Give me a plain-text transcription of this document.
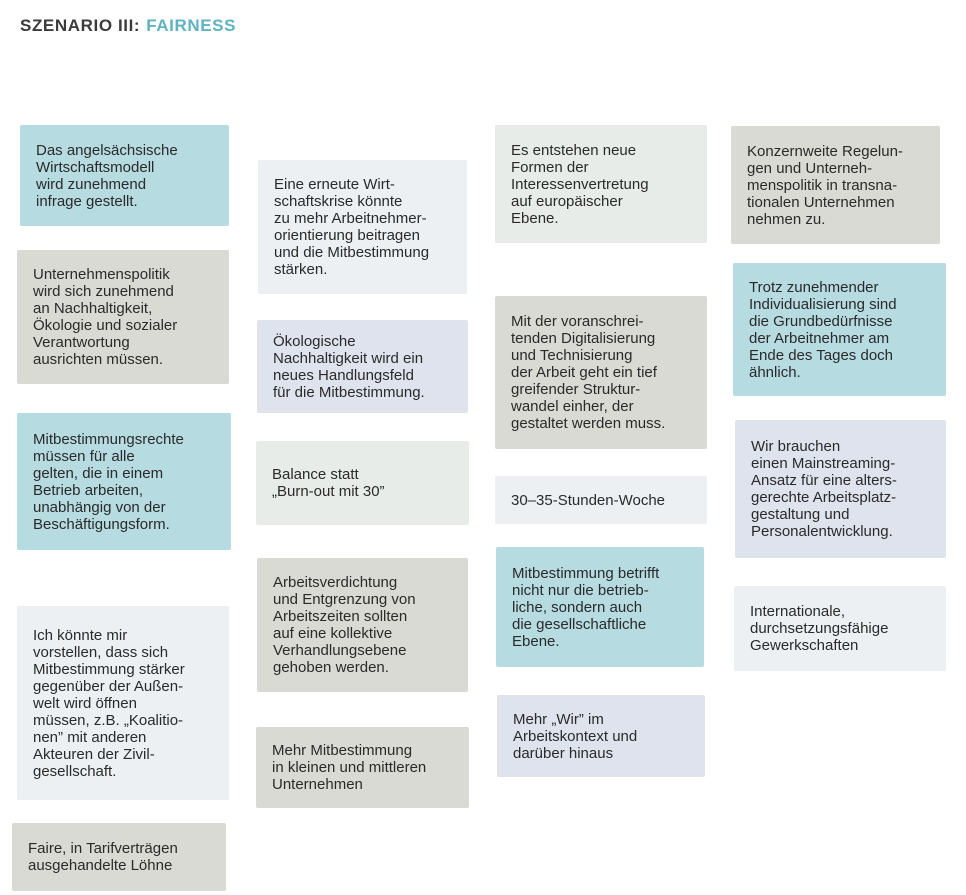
SZENARIO III: FAIRNESS
Das angelsächsische
Wirtschaftsmodell
wird zunehmend
infrage gestellt.
Unternehmenspolitik
wird sich zunehmend
an Nachhaltigkeit,
Ökologie und sozialer
Verantwortung
ausrichten müssen.
Mitbestimmungsrechte
müssen für alle
gelten, die in einem
Betrieb arbeiten,
unabhängig von der
Beschäftigungsform.
Ich könnte mir
vorstellen, dass sich
Mitbestimmung stärker
gegenüber der Außen-
welt wird öffnen
müssen, z.B. „Koalitio-
nen” mit anderen
Akteuren der Zivil-
gesellschaft.
Faire, in Tarifverträgen
ausgehandelte Löhne
Eine erneute Wirt-
schaftskrise könnte
zu mehr Arbeitnehmer-
orientierung beitragen
und die Mitbestimmung
stärken.
Ökologische
Nachhaltigkeit wird ein
neues Handlungsfeld
für die Mitbestimmung.
Balance statt
„Burn-out mit 30”
Arbeitsverdichtung
und Entgrenzung von
Arbeitszeiten sollten
auf eine kollektive
Verhandlungsebene
gehoben werden.
Mehr Mitbestimmung
in kleinen und mittleren
Unternehmen
Es entstehen neue
Formen der
Interessenvertretung
auf europäischer
Ebene.
Mit der voranschrei-
tenden Digitalisierung
und Technisierung
der Arbeit geht ein tief
greifender Struktur-
wandel einher, der
gestaltet werden muss.
30–35-Stunden-Woche
Mitbestimmung betrifft
nicht nur die betrieb-
liche, sondern auch
die gesellschaftliche
Ebene.
Mehr „Wir” im
Arbeitskontext und
darüber hinaus
Konzernweite Regelun-
gen und Unterneh-
menspolitik in transna-
tionalen Unternehmen
nehmen zu.
Trotz zunehmender
Individualisierung sind
die Grundbedürfnisse
der Arbeitnehmer am
Ende des Tages doch
ähnlich.
Wir brauchen
einen Mainstreaming-
Ansatz für eine alters-
gerechte Arbeitsplatz-
gestaltung und
Personalentwicklung.
Internationale,
durchsetzungsfähige
Gewerkschaften
